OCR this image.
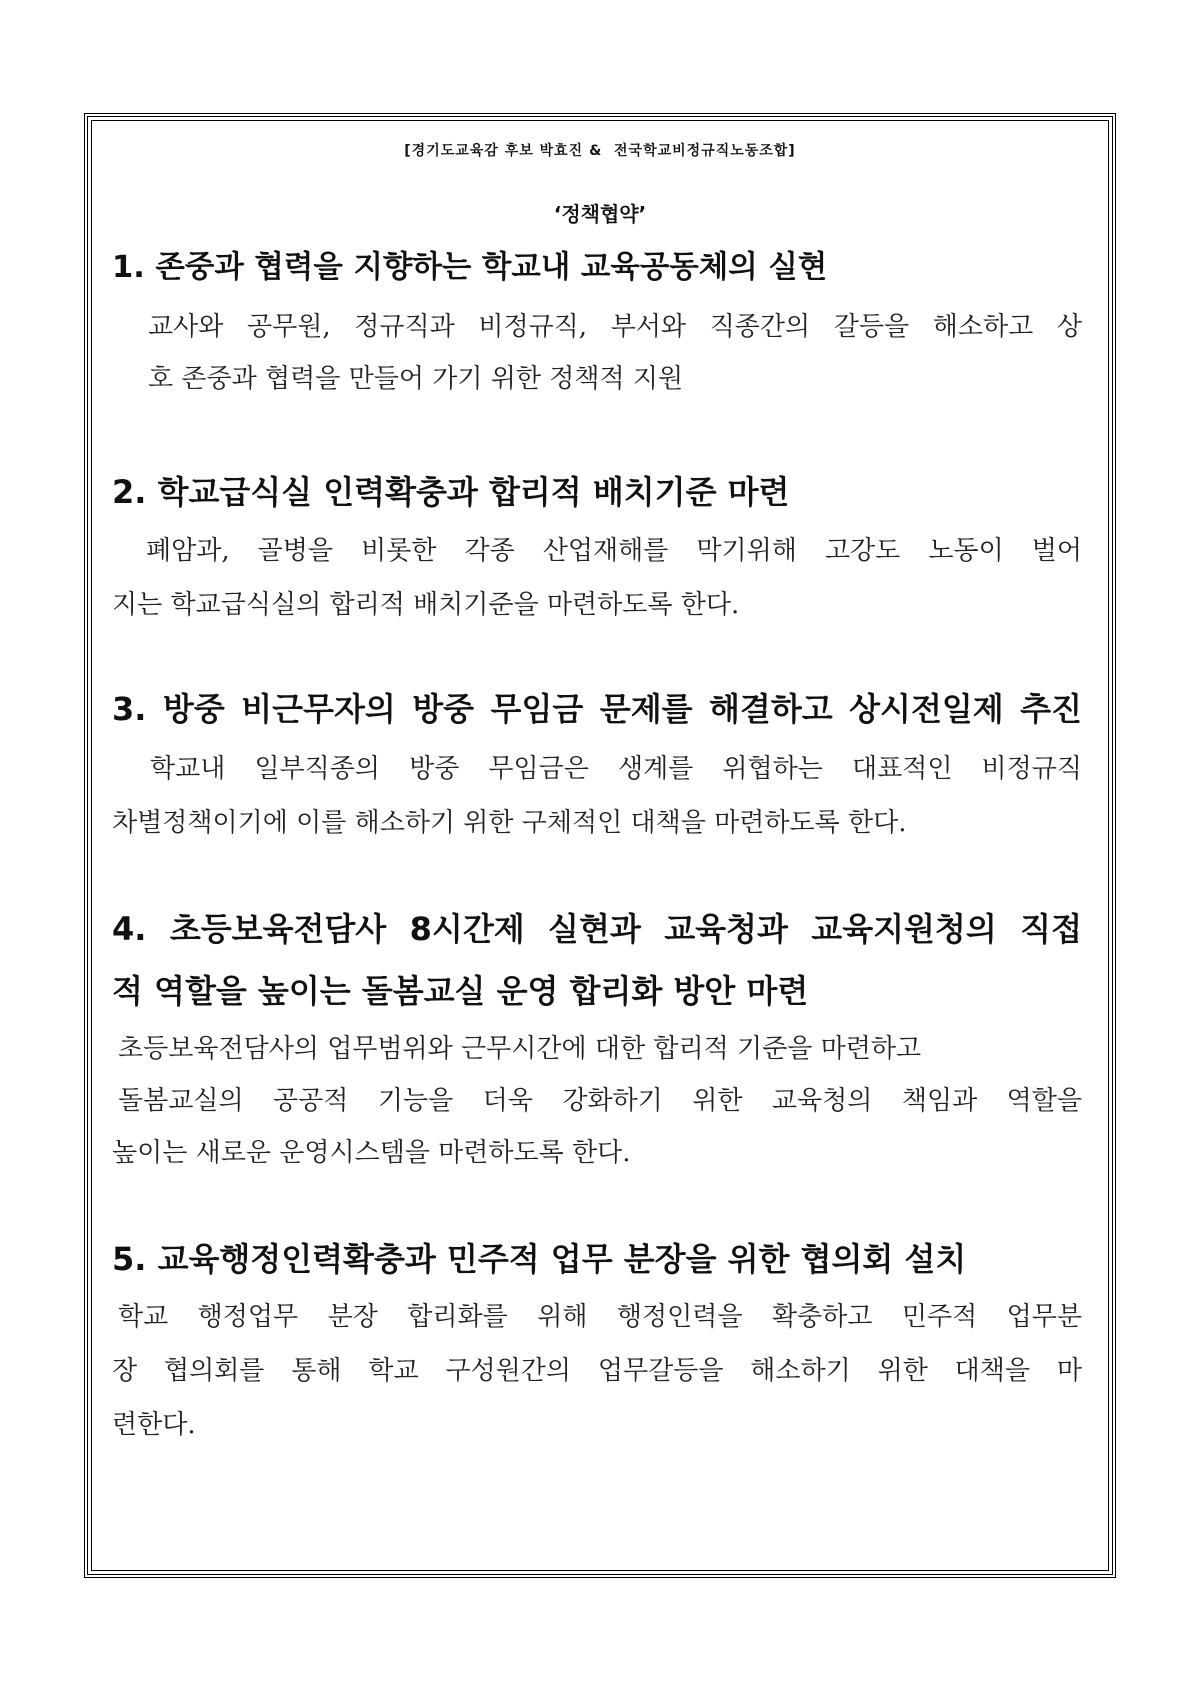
[경기도교육감 후보 박효진 &  전국학교비정규직노동조합]
‘정책협약’
1. 존중과 협력을 지향하는 학교내 교육공동체의 실현
교사와 공무원, 정규직과 비정규직, 부서와 직종간의 갈등을 해소하고 상
호 존중과 협력을 만들어 가기 위한 정책적 지원
2. 학교급식실 인력확충과 합리적 배치기준 마련
폐암과, 골병을 비롯한 각종 산업재해를 막기위해 고강도 노동이 벌어
지는 학교급식실의 합리적 배치기준을 마련하도록 한다.
3. 방중 비근무자의 방중 무임금 문제를 해결하고 상시전일제 추진
학교내 일부직종의 방중 무임금은 생계를 위협하는 대표적인 비정규직
차별정책이기에 이를 해소하기 위한 구체적인 대책을 마련하도록 한다.
4. 초등보육전담사 8시간제 실현과 교육청과 교육지원청의 직접
적 역할을 높이는 돌봄교실 운영 합리화 방안 마련
초등보육전담사의 업무범위와 근무시간에 대한 합리적 기준을 마련하고
돌봄교실의 공공적 기능을 더욱 강화하기 위한 교육청의 책임과 역할을
높이는 새로운 운영시스템을 마련하도록 한다.
5. 교육행정인력확충과 민주적 업무 분장을 위한 협의회 설치
학교 행정업무 분장 합리화를 위해 행정인력을 확충하고 민주적 업무분
장 협의회를 통해 학교 구성원간의 업무갈등을 해소하기 위한 대책을 마
련한다.
